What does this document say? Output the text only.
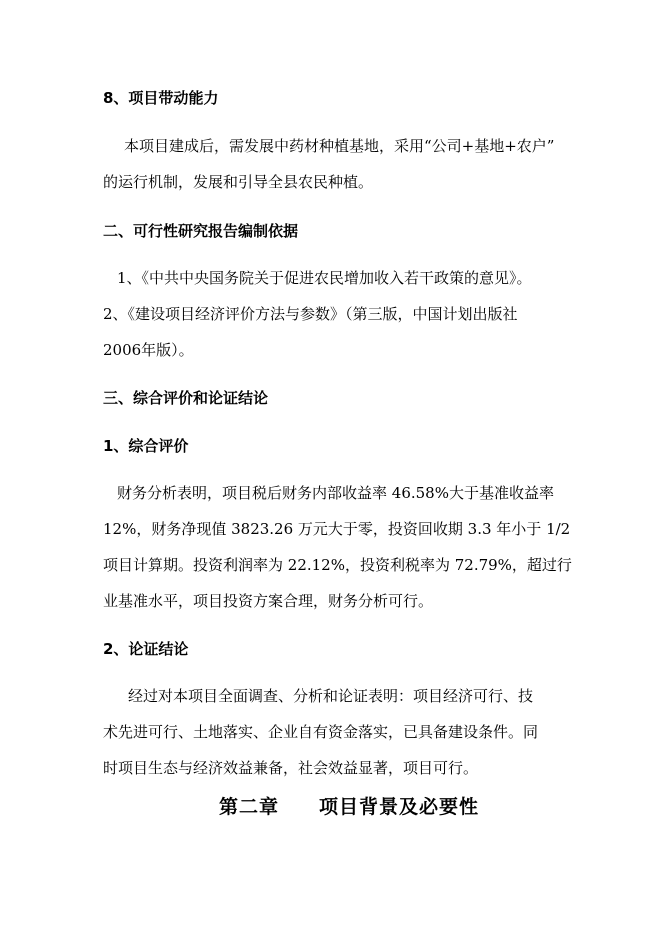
8、项目带动能力
本项目建成后，需发展中药材种植基地，采用“公司+基地+农户”
的运行机制，发展和引导全县农民种植。
二、可行性研究报告编制依据
1、《中共中央国务院关于促进农民增加收入若干政策的意见》。
2、《建设项目经济评价方法与参数》（第三版，中国计划出版社
2006年版）。
三、综合评价和论证结论
1、综合评价
财务分析表明，项目税后财务内部收益率 46.58%大于基准收益率
12%，财务净现值 3823.26 万元大于零，投资回收期 3.3 年小于 1/2
项目计算期。投资利润率为 22.12%，投资利税率为 72.79%，超过行
业基准水平，项目投资方案合理，财务分析可行。
2、论证结论
经过对本项目全面调查、分析和论证表明：项目经济可行、技
术先进可行、土地落实、企业自有资金落实，已具备建设条件。同
时项目生态与经济效益兼备，社会效益显著，项目可行。
第二章 项目背景及必要性
